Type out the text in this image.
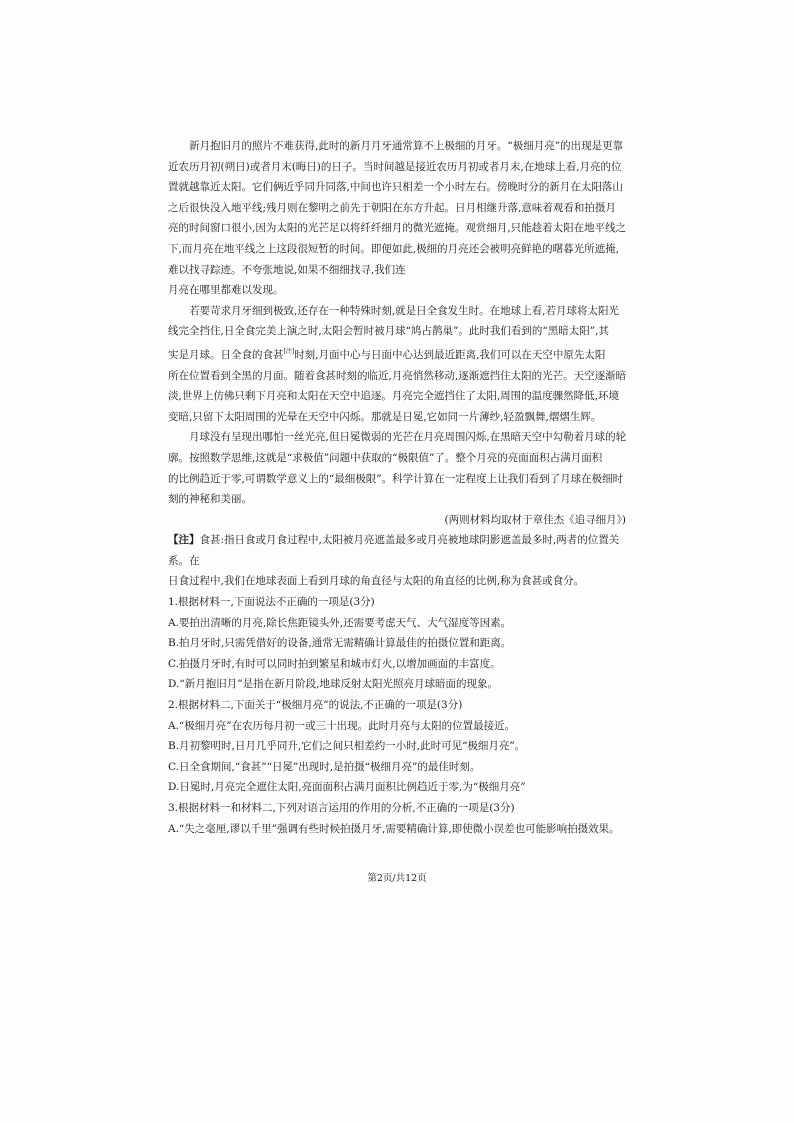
新月抱旧月的照片不难获得,此时的新月月牙通常算不上极细的月牙。“极细月亮”的出现是更靠

近农历月初(朔日)或者月末(晦日)的日子。当时间越是接近农历月初或者月末,在地球上看,月亮的位

置就越靠近太阳。它们俩近乎同升同落,中间也许只相差一个小时左右。傍晚时分的新月在太阳落山

之后很快没入地平线;残月则在黎明之前先于朝阳在东方升起。日月相继升落,意味着观看和拍摄月

亮的时间窗口很小,因为太阳的光芒足以将纤纤细月的微光遮掩。观赏细月,只能趁着太阳在地平线之

下,而月亮在地平线之上这段很短暂的时间。即便如此,极细的月亮还会被明亮鲜艳的曙暮光所遮掩,

难以找寻踪迹。不夸张地说,如果不细细找寻,我们连

月亮在哪里都难以发现。

若要苛求月牙细到极致,还存在一种特殊时刻,就是日全食发生时。在地球上看,若月球将太阳光

线完全挡住,日全食完美上演之时,太阳会暂时被月球“鸠占鹊巢”。此时我们看到的“黑暗太阳”,其

实是月球。日全食的食甚[注]时刻,月面中心与日面中心达到最近距离,我们可以在天空中原先太阳

所在位置看到全黑的月面。随着食甚时刻的临近,月亮悄然移动,逐渐遮挡住太阳的光芒。天空逐渐暗

淡,世界上仿佛只剩下月亮和太阳在天空中追逐。月亮完全遮挡住了太阳,周围的温度骤然降低,环境

变暗,只留下太阳周围的光晕在天空中闪烁。那就是日冕,它如同一片薄纱,轻盈飘舞,熠熠生辉。

月球没有呈现出哪怕一丝光亮,但日冕微弱的光芒在月亮周围闪烁,在黑暗天空中勾勒着月球的轮

廓。按照数学思维,这就是“求极值”问题中获取的“极限值”了。整个月亮的亮面面积占满月面积

的比例趋近于零,可谓数学意义上的“最细极限”。科学计算在一定程度上让我们看到了月球在极细时

刻的神秘和美丽。

(两则材料均取材于章佳杰《追寻细月》)

【注】食甚:指日食或月食过程中,太阳被月亮遮盖最多或月亮被地球阴影遮盖最多时,两者的位置关

系。在

日食过程中,我们在地球表面上看到月球的角直径与太阳的角直径的比例,称为食甚或食分。

1.根据材料一,下面说法不正确的一项是(3分)

A.要拍出清晰的月亮,除长焦距镜头外,还需要考虑天气、大气湿度等因素。

B.拍月牙时,只需凭借好的设备,通常无需精确计算最佳的拍摄位置和距离。

C.拍摄月牙时,有时可以同时拍到繁星和城市灯火,以增加画面的丰富度。

D.“新月抱旧月”是指在新月阶段,地球反射太阳光照亮月球暗面的现象。

2.根据材料二,下面关于“极细月亮”的说法,不正确的一项是(3分)

A.“极细月亮”在农历每月初一或三十出现。此时月亮与太阳的位置最接近。

B.月初黎明时,日月几乎同升,它们之间只相差约一小时,此时可见“极细月亮”。

C.日全食期间,“食甚”“日冕”出现时,是拍摄“极细月亮”的最佳时刻。

D.日冕时,月亮完全遮住太阳,亮面面积占满月面积比例趋近于零,为“极细月亮”

3.根据材料一和材料二,下列对语言运用的作用的分析,不正确的一项是(3分)

A.“失之毫厘,谬以千里”强调有些时候拍摄月牙,需要精确计算,即使微小误差也可能影响拍摄效果。

第2页/共12页
